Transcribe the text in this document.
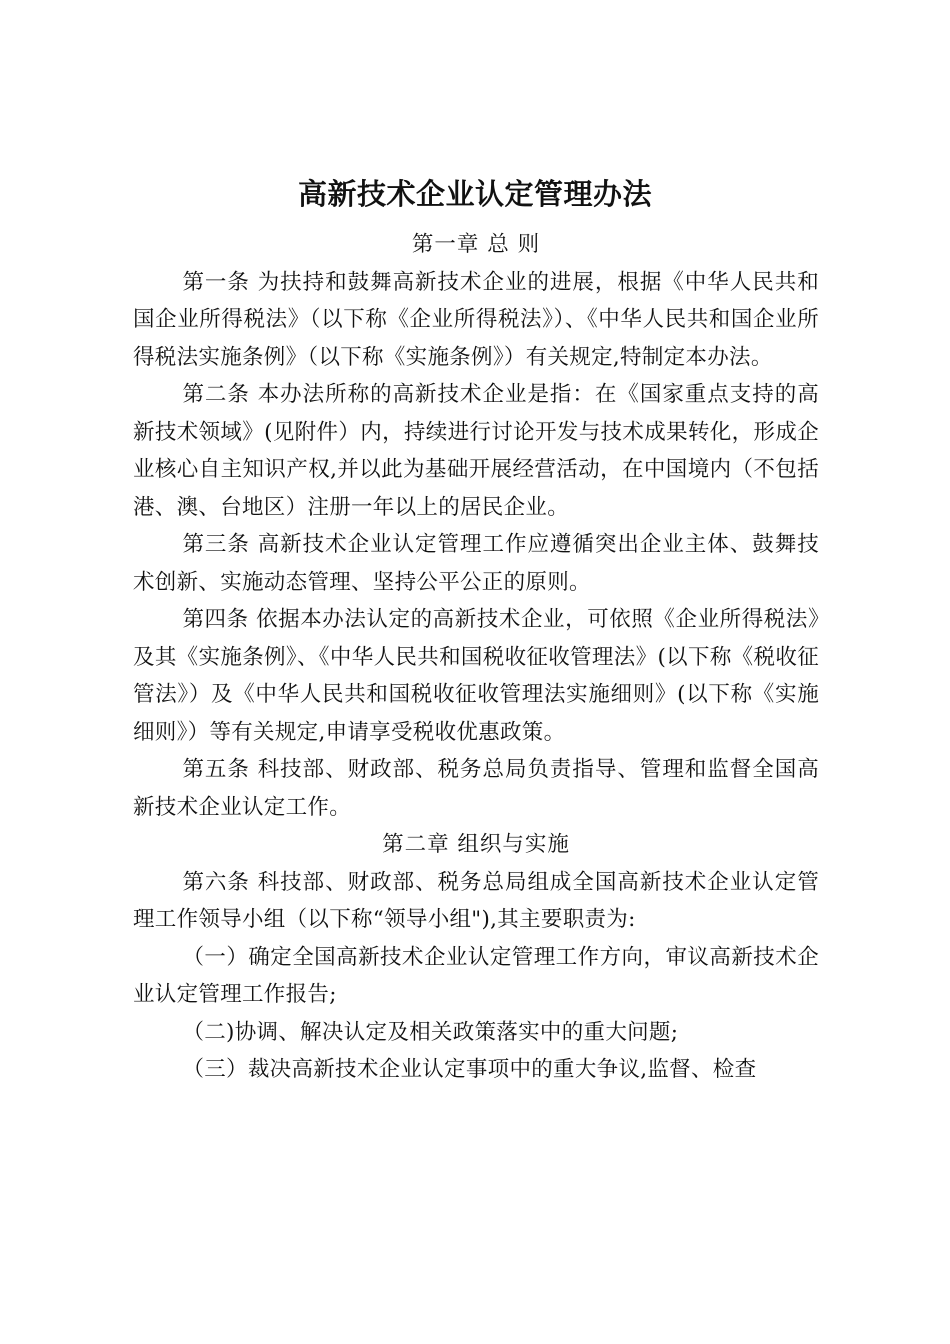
高新技术企业认定管理办法

第一章 总 则

第一条 为扶持和鼓舞高新技术企业的进展，根据《中华人民共和国企业所得税法》（以下称《企业所得税法》）、《中华人民共和国企业所得税法实施条例》（以下称《实施条例》）有关规定,特制定本办法。

第二条 本办法所称的高新技术企业是指：在《国家重点支持的高新技术领域》(见附件）内，持续进行讨论开发与技术成果转化，形成企业核心自主知识产权,并以此为基础开展经营活动，在中国境内（不包括港、澳、台地区）注册一年以上的居民企业。

第三条 高新技术企业认定管理工作应遵循突出企业主体、鼓舞技术创新、实施动态管理、坚持公平公正的原则。

第四条 依据本办法认定的高新技术企业，可依照《企业所得税法》及其《实施条例》、《中华人民共和国税收征收管理法》(以下称《税收征管法》）及《中华人民共和国税收征收管理法实施细则》(以下称《实施细则》）等有关规定,申请享受税收优惠政策。

第五条 科技部、财政部、税务总局负责指导、管理和监督全国高新技术企业认定工作。

第二章 组织与实施

第六条 科技部、财政部、税务总局组成全国高新技术企业认定管理工作领导小组（以下称“领导小组"),其主要职责为:

（一）确定全国高新技术企业认定管理工作方向，审议高新技术企业认定管理工作报告;

（二)协调、解决认定及相关政策落实中的重大问题;

（三）裁决高新技术企业认定事项中的重大争议,监督、检查
